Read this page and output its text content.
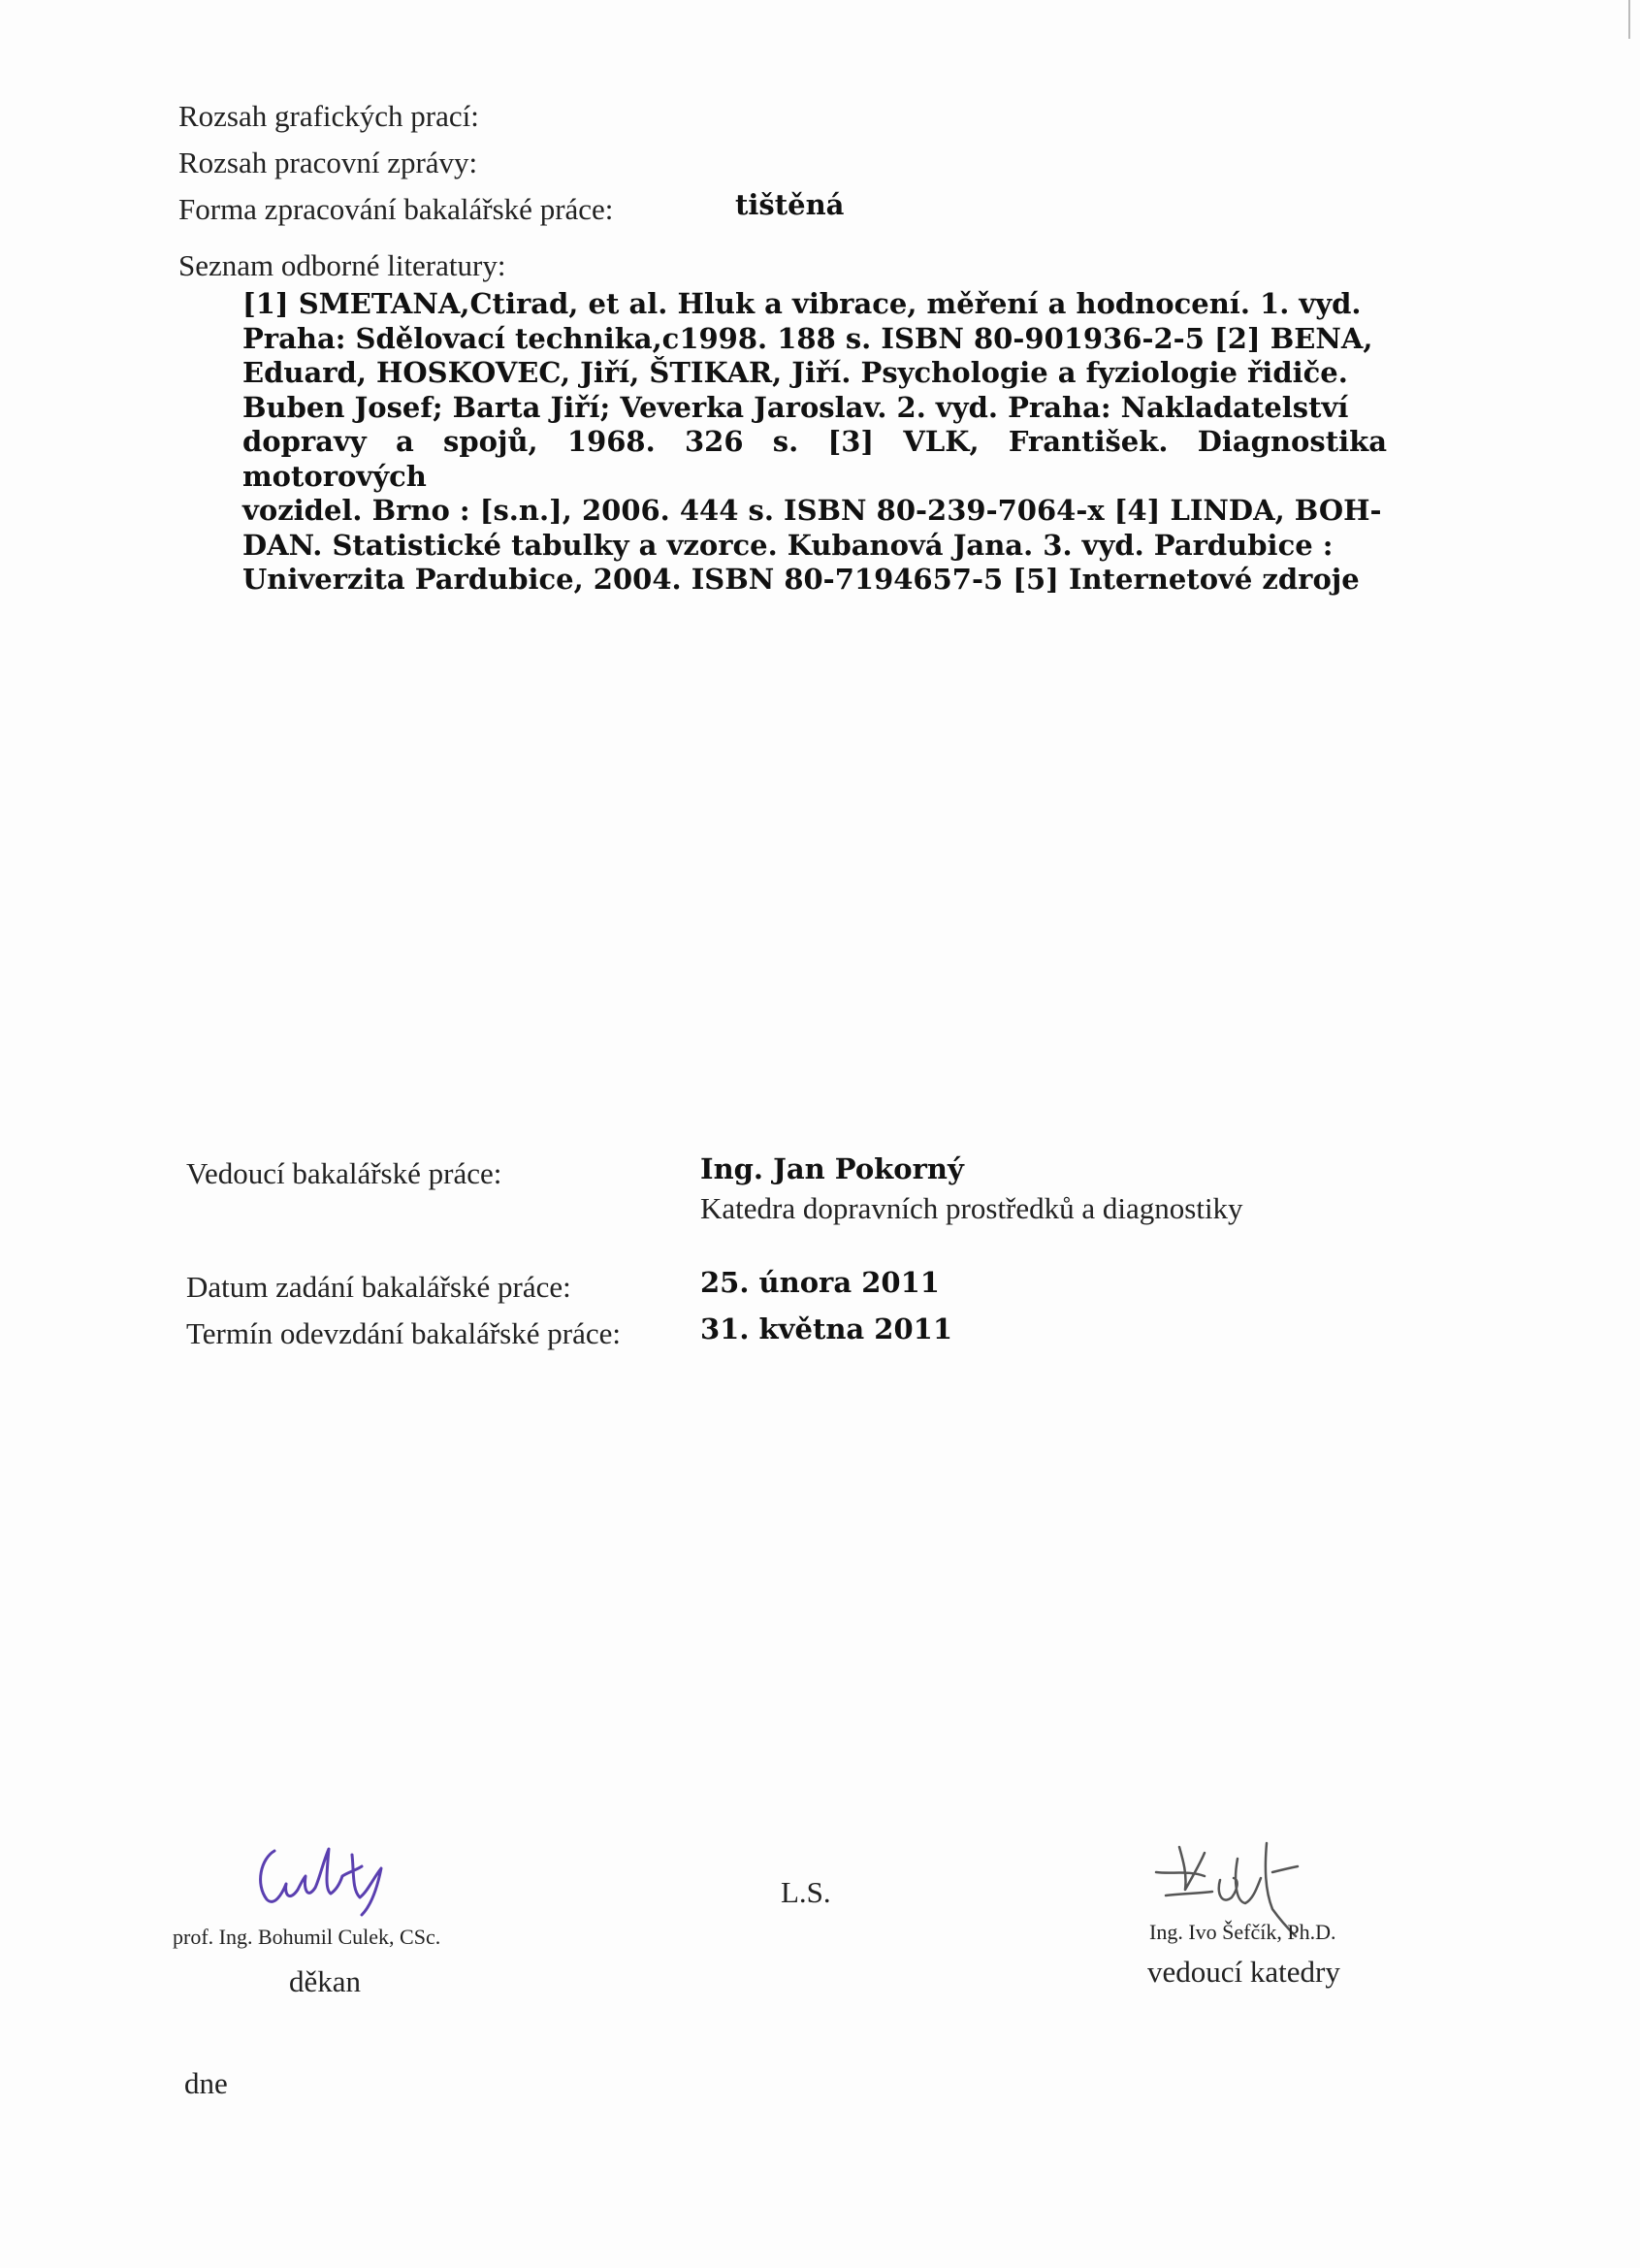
Rozsah grafických prací:
Rozsah pracovní zprávy:
Forma zpracování bakalářské práce:	tištěná
Seznam odborné literatury:
[1] SMETANA,Ctirad, et al. Hluk a vibrace, měření a hodnocení. 1. vyd.
Praha: Sdělovací technika,c1998. 188 s. ISBN 80-901936-2-5 [2] BENA,
Eduard, HOSKOVEC, Jiří, ŠTIKAR, Jiří. Psychologie a fyziologie řidiče.
Buben Josef; Barta Jiří; Veverka Jaroslav. 2. vyd. Praha: Nakladatelství
dopravy a spojů, 1968. 326 s. [3] VLK, František. Diagnostika motorových
vozidel. Brno : [s.n.], 2006. 444 s. ISBN 80-239-7064-x [4] LINDA, BOH-
DAN. Statistické tabulky a vzorce. Kubanová Jana. 3. vyd. Pardubice :
Univerzita Pardubice, 2004. ISBN 80-7194657-5 [5] Internetové zdroje
Vedoucí bakalářské práce:	Ing. Jan Pokorný
Katedra dopravních prostředků a diagnostiky
Datum zadání bakalářské práce:	25. února 2011
Termín odevzdání bakalářské práce:	31. května 2011
prof. Ing. Bohumil Culek, CSc.
děkan
L.S.
Ing. Ivo Šefčík, Ph.D.
vedoucí katedry
dne
